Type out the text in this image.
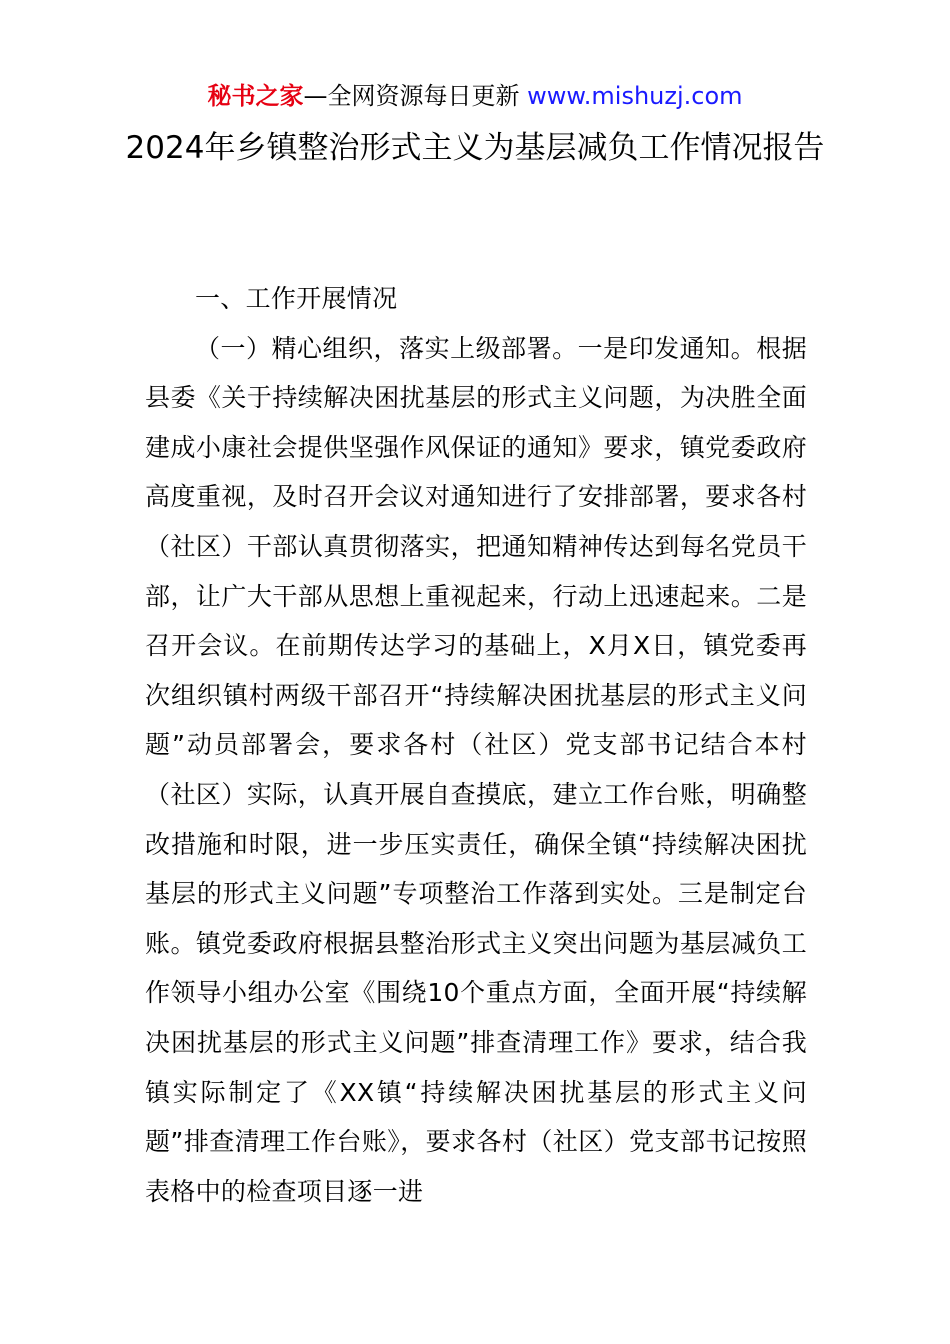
秘书之家—全网资源每日更新 www.mishuzj.com
2024年乡镇整治形式主义为基层减负工作情况报告

一、工作开展情况

（一）精心组织，落实上级部署。一是印发通知。根据县委《关于持续解决困扰基层的形式主义问题，为决胜全面建成小康社会提供坚强作风保证的通知》要求，镇党委政府高度重视，及时召开会议对通知进行了安排部署，要求各村（社区）干部认真贯彻落实，把通知精神传达到每名党员干部，让广大干部从思想上重视起来，行动上迅速起来。二是召开会议。在前期传达学习的基础上，X月X日，镇党委再次组织镇村两级干部召开“持续解决困扰基层的形式主义问题”动员部署会，要求各村（社区）党支部书记结合本村（社区）实际，认真开展自查摸底，建立工作台账，明确整改措施和时限，进一步压实责任，确保全镇“持续解决困扰基层的形式主义问题”专项整治工作落到实处。三是制定台账。镇党委政府根据县整治形式主义突出问题为基层减负工作领导小组办公室《围绕10个重点方面，全面开展“持续解决困扰基层的形式主义问题”排查清理工作》要求，结合我镇实际制定了《XX镇“持续解决困扰基层的形式主义问题”排查清理工作台账》，要求各村（社区）党支部书记按照表格中的检查项目逐一进
